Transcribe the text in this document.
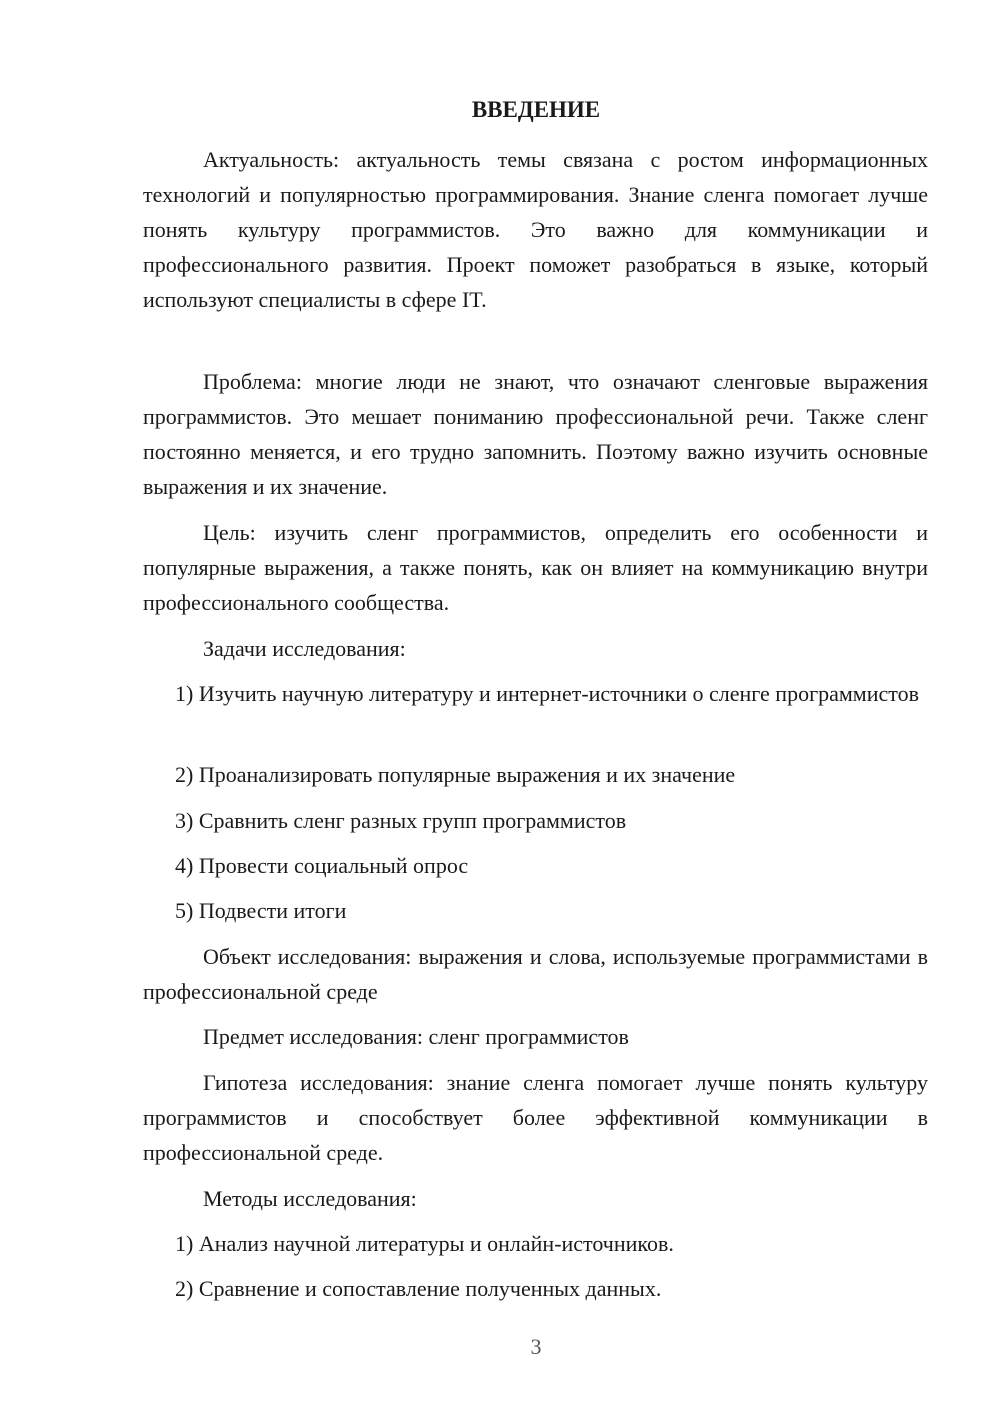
ВВЕДЕНИЕ

Актуальность: актуальность темы связана с ростом информационных технологий и популярностью программирования. Знание сленга помогает лучше понять культуру программистов. Это важно для коммуникации и профессионального развития. Проект поможет разобраться в языке, который используют специалисты в сфере IT.

Проблема: многие люди не знают, что означают сленговые выражения программистов. Это мешает пониманию профессиональной речи. Также сленг постоянно меняется, и его трудно запомнить. Поэтому важно изучить основные выражения и их значение.

Цель: изучить сленг программистов, определить его особенности и популярные выражения, а также понять, как он влияет на коммуникацию внутри профессионального сообщества.

Задачи исследования:

1) Изучить научную литературу и интернет-источники о сленге программистов

2) Проанализировать популярные выражения и их значение

3) Сравнить сленг разных групп программистов

4) Провести социальный опрос

5) Подвести итоги

Объект исследования: выражения и слова, используемые программистами в профессиональной среде

Предмет исследования: сленг программистов

Гипотеза исследования: знание сленга помогает лучше понять культуру программистов и способствует более эффективной коммуникации в профессиональной среде.

Методы исследования:

1) Анализ научной литературы и онлайн-источников.

2) Сравнение и сопоставление полученных данных.

3
